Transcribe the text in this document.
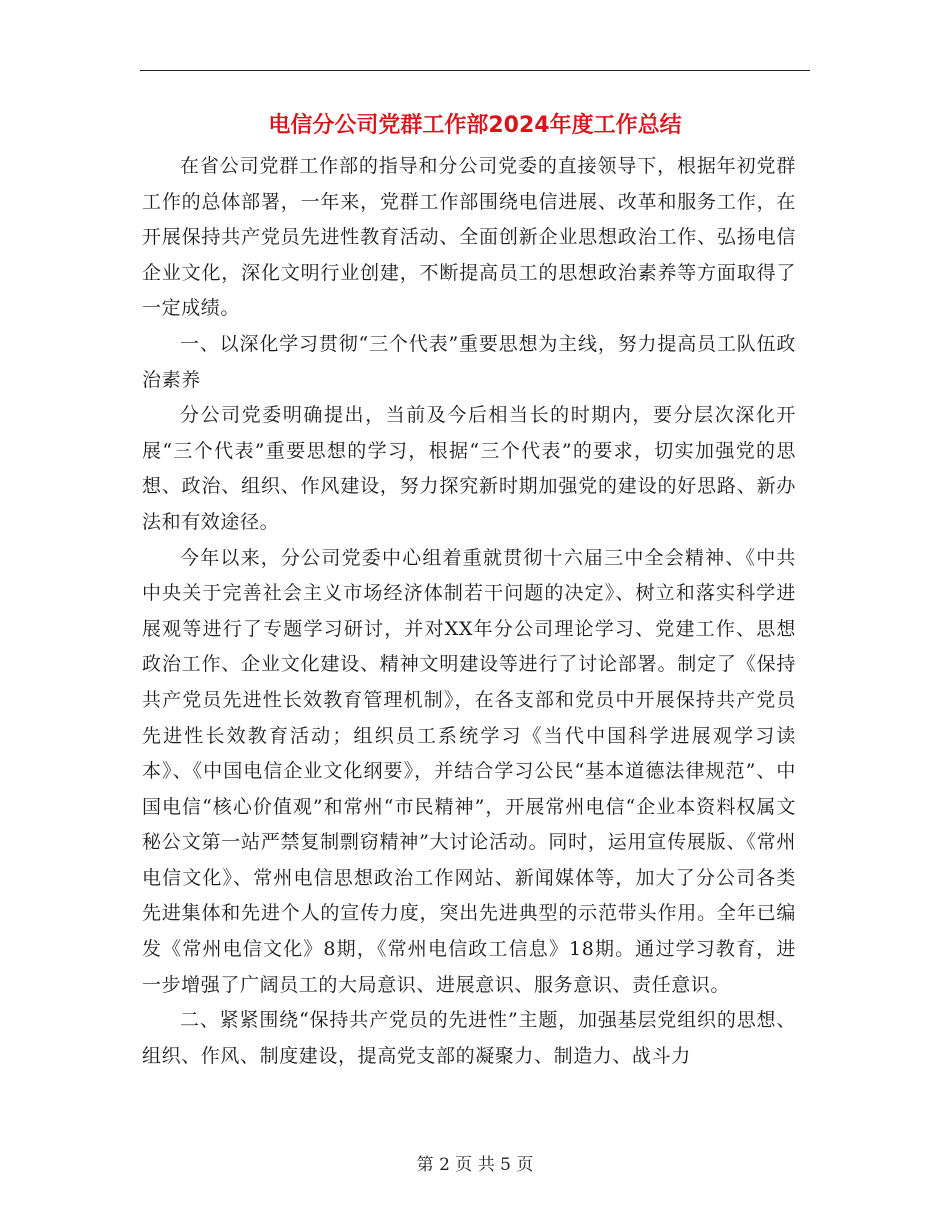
电信分公司党群工作部2024年度工作总结

在省公司党群工作部的指导和分公司党委的直接领导下，根据年初党群工作的总体部署，一年来，党群工作部围绕电信进展、改革和服务工作，在开展保持共产党员先进性教育活动、全面创新企业思想政治工作、弘扬电信企业文化，深化文明行业创建，不断提高员工的思想政治素养等方面取得了一定成绩。

一、以深化学习贯彻“三个代表”重要思想为主线，努力提高员工队伍政治素养

分公司党委明确提出，当前及今后相当长的时期内，要分层次深化开展“三个代表”重要思想的学习，根据“三个代表”的要求，切实加强党的思想、政治、组织、作风建设，努力探究新时期加强党的建设的好思路、新办法和有效途径。

今年以来，分公司党委中心组着重就贯彻十六届三中全会精神、《中共中央关于完善社会主义市场经济体制若干问题的决定》、树立和落实科学进展观等进行了专题学习研讨，并对XX年分公司理论学习、党建工作、思想政治工作、企业文化建设、精神文明建设等进行了讨论部署。制定了《保持共产党员先进性长效教育管理机制》，在各支部和党员中开展保持共产党员先进性长效教育活动；组织员工系统学习《当代中国科学进展观学习读本》、《中国电信企业文化纲要》，并结合学习公民“基本道德法律规范”、中国电信“核心价值观”和常州“市民精神”，开展常州电信“企业本资料权属文秘公文第一站严禁复制剽窃精神”大讨论活动。同时，运用宣传展版、《常州电信文化》、常州电信思想政治工作网站、新闻媒体等，加大了分公司各类先进集体和先进个人的宣传力度，突出先进典型的示范带头作用。全年已编发《常州电信文化》8期，《常州电信政工信息》18期。通过学习教育，进一步增强了广阔员工的大局意识、进展意识、服务意识、责任意识。

二、紧紧围绕“保持共产党员的先进性”主题，加强基层党组织的思想、组织、作风、制度建设，提高党支部的凝聚力、制造力、战斗力

第 2 页 共 5 页
